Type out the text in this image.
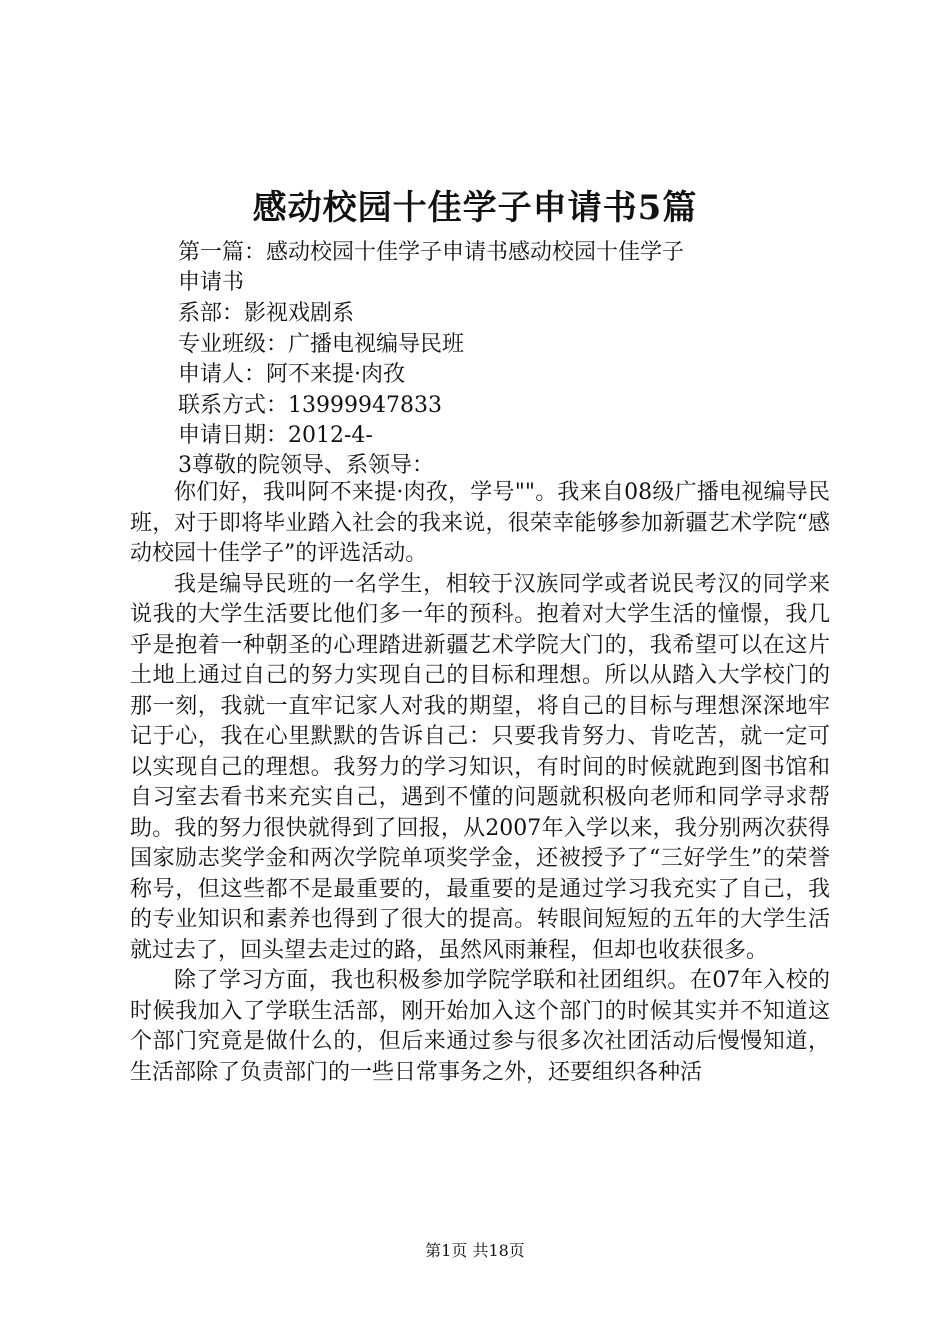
感动校园十佳学子申请书5篇
第一篇：感动校园十佳学子申请书感动校园十佳学子
申请书
系部：影视戏剧系
专业班级：广播电视编导民班
申请人：阿不来提·肉孜
联系方式：13999947833
申请日期：2012-4-
3尊敬的院领导、系领导：

你们好，我叫阿不来提·肉孜，学号""。我来自08级广播电视编导民班，对于即将毕业踏入社会的我来说，很荣幸能够参加新疆艺术学院“感动校园十佳学子”的评选活动。

我是编导民班的一名学生，相较于汉族同学或者说民考汉的同学来说我的大学生活要比他们多一年的预科。抱着对大学生活的憧憬，我几乎是抱着一种朝圣的心理踏进新疆艺术学院大门的，我希望可以在这片土地上通过自己的努力实现自己的目标和理想。所以从踏入大学校门的那一刻，我就一直牢记家人对我的期望，将自己的目标与理想深深地牢记于心，我在心里默默的告诉自己：只要我肯努力、肯吃苦，就一定可以实现自己的理想。我努力的学习知识，有时间的时候就跑到图书馆和自习室去看书来充实自己，遇到不懂的问题就积极向老师和同学寻求帮助。我的努力很快就得到了回报，从2007年入学以来，我分别两次获得国家励志奖学金和两次学院单项奖学金，还被授予了“三好学生”的荣誉称号，但这些都不是最重要的，最重要的是通过学习我充实了自己，我的专业知识和素养也得到了很大的提高。转眼间短短的五年的大学生活就过去了，回头望去走过的路，虽然风雨兼程，但却也收获很多。

除了学习方面，我也积极参加学院学联和社团组织。在07年入校的时候我加入了学联生活部，刚开始加入这个部门的时候其实并不知道这个部门究竟是做什么的，但后来通过参与很多次社团活动后慢慢知道，生活部除了负责部门的一些日常事务之外，还要组织各种活

第1页 共18页
